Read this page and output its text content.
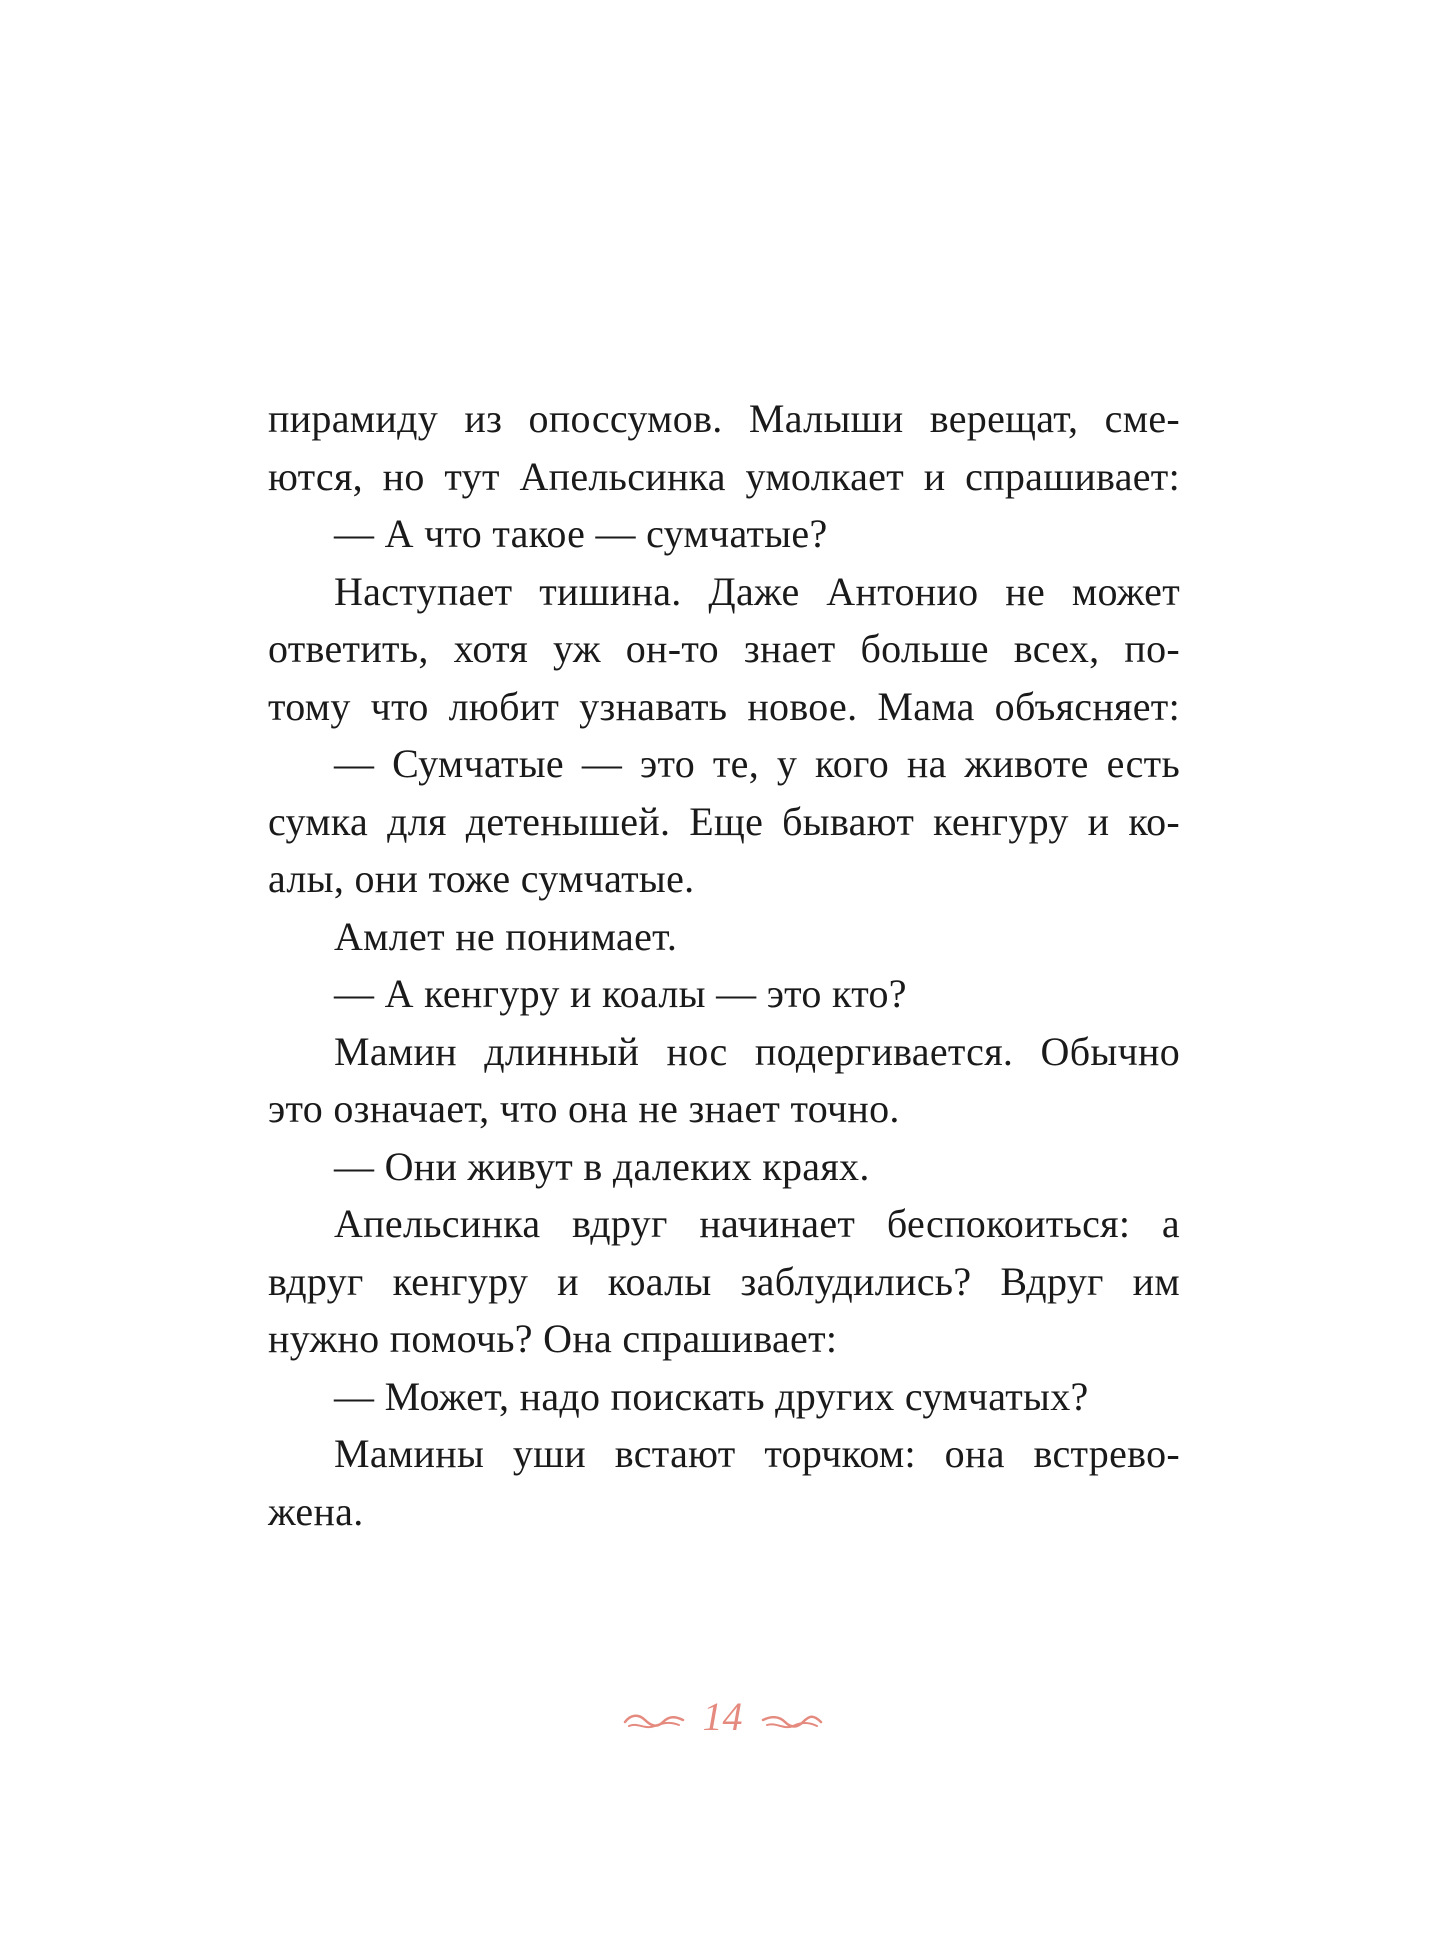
пирамиду из опоссумов. Малыши верещат, сме-
ются, но тут Апельсинка умолкает и спрашивает:
— А что такое — сумчатые?
Наступает тишина. Даже Антонио не может
ответить, хотя уж он-то знает больше всех, по-
тому что любит узнавать новое. Мама объясняет:
— Сумчатые — это те, у кого на животе есть
сумка для детенышей. Еще бывают кенгуру и ко-
алы, они тоже сумчатые.
Амлет не понимает.
— А кенгуру и коалы — это кто?
Мамин длинный нос подергивается. Обычно
это означает, что она не знает точно.
— Они живут в далеких краях.
Апельсинка вдруг начинает беспокоиться: а
вдруг кенгуру и коалы заблудились? Вдруг им
нужно помочь? Она спрашивает:
— Может, надо поискать других сумчатых?
Мамины уши встают торчком: она встрево-
жена.
14
